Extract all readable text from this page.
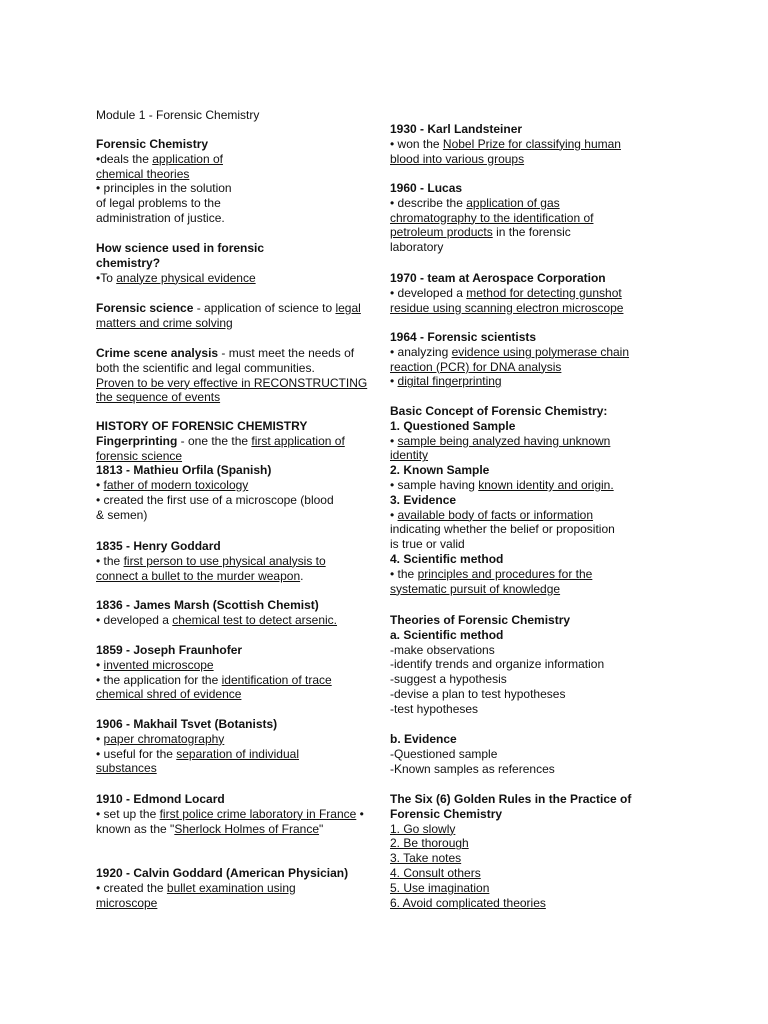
Module 1 - Forensic Chemistry

Forensic Chemistry

•deals the application of

chemical theories

• principles in the solution

of legal problems to the

administration of justice.

How science used in forensic

chemistry?

•To analyze physical evidence

Forensic science - application of science to legal

matters and crime solving

Crime scene analysis - must meet the needs of

both the scientific and legal communities.

Proven to be very effective in RECONSTRUCTING

the sequence of events

HISTORY OF FORENSIC CHEMISTRY

Fingerprinting - one the the first application of

forensic science

1813 - Mathieu Orfila (Spanish)

• father of modern toxicology

• created the first use of a microscope (blood

& semen)

1835 - Henry Goddard

• the first person to use physical analysis to

connect a bullet to the murder weapon.

1836 - James Marsh (Scottish Chemist)

• developed a chemical test to detect arsenic.

1859 - Joseph Fraunhofer

• invented microscope

• the application for the identification of trace

chemical shred of evidence

1906 - Makhail Tsvet (Botanists)

• paper chromatography

• useful for the separation of individual

substances

1910 - Edmond Locard

• set up the first police crime laboratory in France •

known as the "Sherlock Holmes of France"

1920 - Calvin Goddard (American Physician)

• created the bullet examination using

microscope

1930 - Karl Landsteiner

• won the Nobel Prize for classifying human

blood into various groups

1960 - Lucas

• describe the application of gas

chromatography to the identification of

petroleum products in the forensic

laboratory

1970 - team at Aerospace Corporation

• developed a method for detecting gunshot

residue using scanning electron microscope

1964 - Forensic scientists

• analyzing evidence using polymerase chain

reaction (PCR) for DNA analysis

• digital fingerprinting

Basic Concept of Forensic Chemistry:

1. Questioned Sample

• sample being analyzed having unknown

identity

2. Known Sample

• sample having known identity and origin.

3. Evidence

• available body of facts or information

indicating whether the belief or proposition

is true or valid

4. Scientific method

• the principles and procedures for the

systematic pursuit of knowledge

Theories of Forensic Chemistry

a. Scientific method

-make observations

-identify trends and organize information

-suggest a hypothesis

-devise a plan to test hypotheses

-test hypotheses

b. Evidence

-Questioned sample

-Known samples as references

The Six (6) Golden Rules in the Practice of

Forensic Chemistry

1. Go slowly

2. Be thorough

3. Take notes

4. Consult others

5. Use imagination

6. Avoid complicated theories
